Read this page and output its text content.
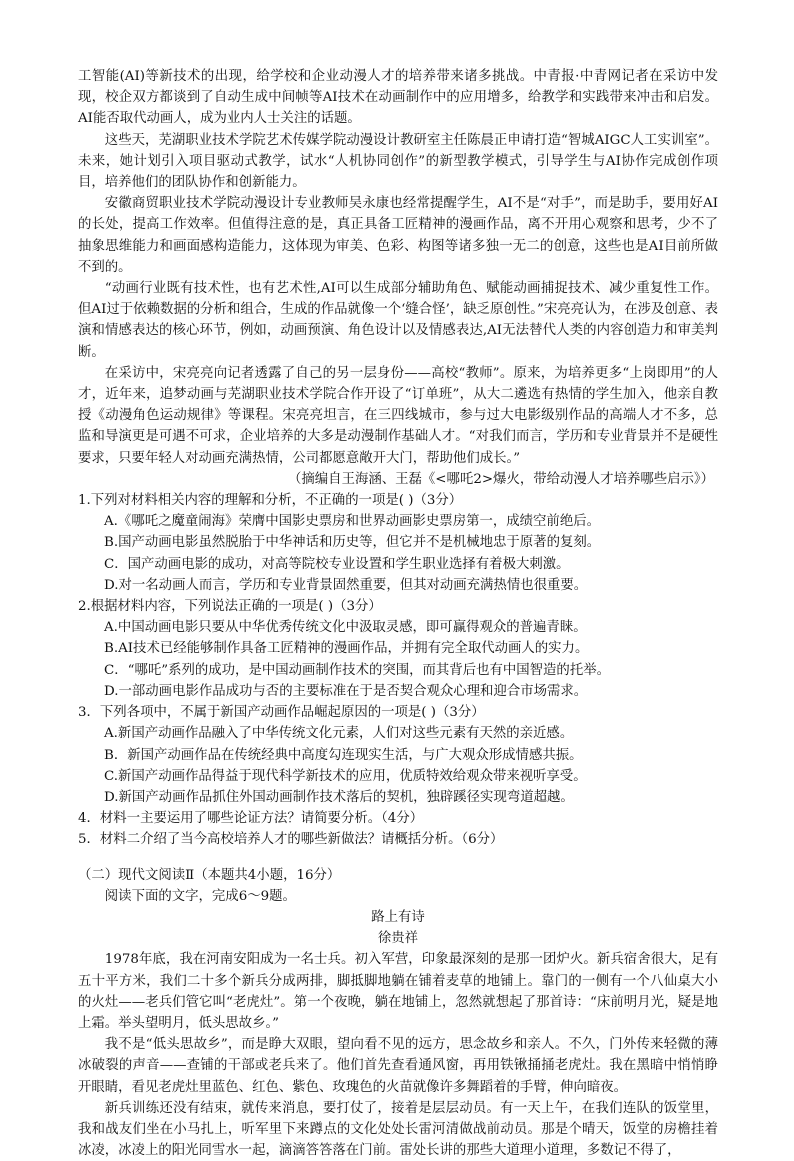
工智能(AI)等新技术的出现，给学校和企业动漫人才的培养带来诸多挑战。中青报·中青网记者在采访中发现，校企双方都谈到了自动生成中间帧等AI技术在动画制作中的应用增多，给教学和实践带来冲击和启发。AI能否取代动画人，成为业内人士关注的话题。

这些天，芜湖职业技术学院艺术传媒学院动漫设计教研室主任陈晨正申请打造“智城AIGC人工实训室”。未来，她计划引入项目驱动式教学，试水“人机协同创作”的新型教学模式，引导学生与AI协作完成创作项目，培养他们的团队协作和创新能力。

安徽商贸职业技术学院动漫设计专业教师吴永康也经常提醒学生，AI不是“对手”，而是助手，要用好AI的长处，提高工作效率。但值得注意的是，真正具备工匠精神的漫画作品，离不开用心观察和思考，少不了抽象思维能力和画面感构造能力，这体现为审美、色彩、构图等诸多独一无二的创意，这些也是AI目前所做不到的。

“动画行业既有技术性，也有艺术性,AI可以生成部分辅助角色、赋能动画捕捉技术、减少重复性工作。但AI过于依赖数据的分析和组合，生成的作品就像一个‘缝合怪’，缺乏原创性。”宋亮亮认为，在涉及创意、表演和情感表达的核心环节，例如，动画预演、角色设计以及情感表达,AI无法替代人类的内容创造力和审美判断。

在采访中，宋亮亮向记者透露了自己的另一层身份——高校“教师”。原来，为培养更多“上岗即用”的人才，近年来，追梦动画与芜湖职业技术学院合作开设了“订单班”，从大二遴选有热情的学生加入，他亲自教授《动漫角色运动规律》等课程。宋亮亮坦言，在三四线城市，参与过大电影级别作品的高端人才不多，总监和导演更是可遇不可求，企业培养的大多是动漫制作基础人才。“对我们而言，学历和专业背景并不是硬性要求，只要年轻人对动画充满热情，公司都愿意敞开大门，帮助他们成长。”

（摘编自王海涵、王磊《<哪吒2>爆火，带给动漫人才培养哪些启示》）

1.下列对材料相关内容的理解和分析，不正确的一项是( )（3分）

A.《哪吒之魔童闹海》荣膺中国影史票房和世界动画影史票房第一，成绩空前绝后。

B.国产动画电影虽然脱胎于中华神话和历史等，但它并不是机械地忠于原著的复刻。

C．国产动画电影的成功，对高等院校专业设置和学生职业选择有着极大刺激。

D.对一名动画人而言，学历和专业背景固然重要，但其对动画充满热情也很重要。

2.根据材料内容，下列说法正确的一项是( )（3分）

A.中国动画电影只要从中华优秀传统文化中汲取灵感，即可赢得观众的普遍青睐。

B.AI技术已经能够制作具备工匠精神的漫画作品，并拥有完全取代动画人的实力。

C．“哪吒”系列的成功，是中国动画制作技术的突围，而其背后也有中国智造的托举。

D.一部动画电影作品成功与否的主要标准在于是否契合观众心理和迎合市场需求。

3．下列各项中，不属于新国产动画作品崛起原因的一项是( )（3分）

A.新国产动画作品融入了中华传统文化元素，人们对这些元素有天然的亲近感。

B．新国产动画作品在传统经典中高度勾连现实生活，与广大观众形成情感共振。

C.新国产动画作品得益于现代科学新技术的应用，优质特效给观众带来视听享受。

D.新国产动画作品抓住外国动画制作技术落后的契机，独辟蹊径实现弯道超越。

4．材料一主要运用了哪些论证方法？请简要分析。（4分）

5．材料二介绍了当今高校培养人才的哪些新做法？请概括分析。（6分）

（二）现代文阅读Ⅱ（本题共4小题，16分）

阅读下面的文字，完成6～9题。

路上有诗

徐贵祥

1978年底，我在河南安阳成为一名士兵。初入军营，印象最深刻的是那一团炉火。新兵宿舍很大，足有五十平方米，我们二十多个新兵分成两排，脚抵脚地躺在铺着麦草的地铺上。靠门的一侧有一个八仙桌大小的火灶——老兵们管它叫“老虎灶”。第一个夜晚，躺在地铺上，忽然就想起了那首诗：“床前明月光，疑是地上霜。举头望明月，低头思故乡。”

我不是“低头思故乡”，而是睁大双眼，望向看不见的远方，思念故乡和亲人。不久，门外传来轻微的薄冰破裂的声音——查铺的干部或老兵来了。他们首先查看通风窗，再用铁锹捅捅老虎灶。我在黑暗中悄悄睁开眼睛，看见老虎灶里蓝色、红色、紫色、玫瑰色的火苗就像许多舞蹈着的手臂，伸向暗夜。

新兵训练还没有结束，就传来消息，要打仗了，接着是层层动员。有一天上午，在我们连队的饭堂里，我和战友们坐在小马扎上，听军里下来蹲点的文化处处长雷河清做战前动员。那是个晴天，饭堂的房檐挂着冰凌，冰凌上的阳光同雪水一起，滴滴答答落在门前。雷处长讲的那些大道理小道理，多数记不得了，
